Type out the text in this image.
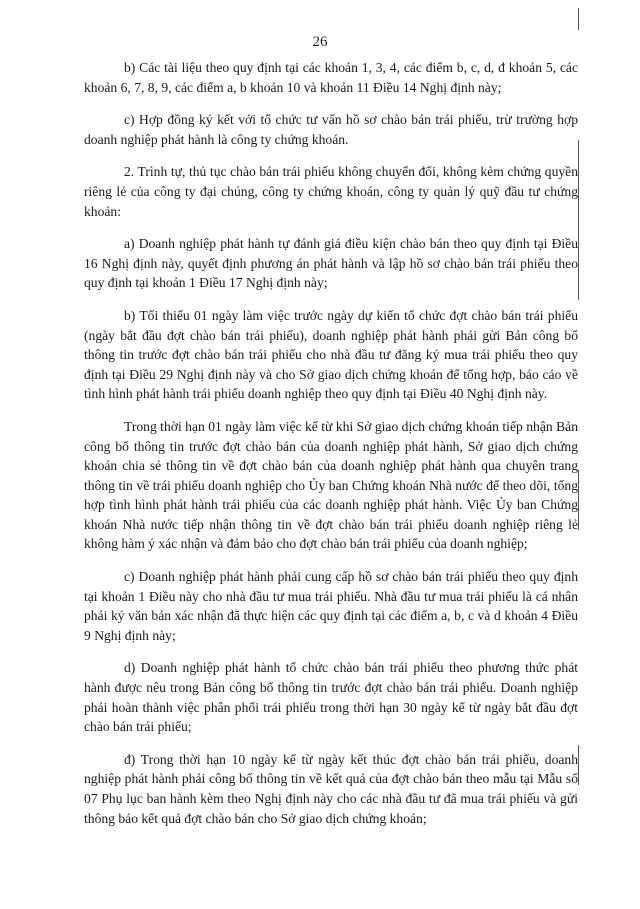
26

b) Các tài liệu theo quy định tại các khoản 1, 3, 4, các điểm b, c, d, đ khoản 5, các khoản 6, 7, 8, 9, các điểm a, b khoản 10 và khoản 11 Điều 14 Nghị định này;

c) Hợp đồng ký kết với tổ chức tư vấn hồ sơ chào bán trái phiếu, trừ trường hợp doanh nghiệp phát hành là công ty chứng khoán.

2. Trình tự, thủ tục chào bán trái phiếu không chuyển đổi, không kèm chứng quyền riêng lẻ của công ty đại chúng, công ty chứng khoán, công ty quản lý quỹ đầu tư chứng khoán:

a) Doanh nghiệp phát hành tự đánh giá điều kiện chào bán theo quy định tại Điều 16 Nghị định này, quyết định phương án phát hành và lập hồ sơ chào bán trái phiếu theo quy định tại khoản 1 Điều 17 Nghị định này;

b) Tối thiểu 01 ngày làm việc trước ngày dự kiến tổ chức đợt chào bán trái phiếu (ngày bắt đầu đợt chào bán trái phiếu), doanh nghiệp phát hành phải gửi Bản công bố thông tin trước đợt chào bán trái phiếu cho nhà đầu tư đăng ký mua trái phiếu theo quy định tại Điều 29 Nghị định này và cho Sở giao dịch chứng khoán để tổng hợp, báo cáo về tình hình phát hành trái phiếu doanh nghiệp theo quy định tại Điều 40 Nghị định này.

Trong thời hạn 01 ngày làm việc kể từ khi Sở giao dịch chứng khoán tiếp nhận Bản công bố thông tin trước đợt chào bán của doanh nghiệp phát hành, Sở giao dịch chứng khoán chia sẻ thông tin về đợt chào bán của doanh nghiệp phát hành qua chuyên trang thông tin về trái phiếu doanh nghiệp cho Ủy ban Chứng khoán Nhà nước để theo dõi, tổng hợp tình hình phát hành trái phiếu của các doanh nghiệp phát hành. Việc Ủy ban Chứng khoán Nhà nước tiếp nhận thông tin về đợt chào bán trái phiếu doanh nghiệp riêng lẻ không hàm ý xác nhận và đảm bảo cho đợt chào bán trái phiếu của doanh nghiệp;

c) Doanh nghiệp phát hành phải cung cấp hồ sơ chào bán trái phiếu theo quy định tại khoản 1 Điều này cho nhà đầu tư mua trái phiếu. Nhà đầu tư mua trái phiếu là cá nhân phải ký văn bản xác nhận đã thực hiện các quy định tại các điểm a, b, c và d khoản 4 Điều 9 Nghị định này;

d) Doanh nghiệp phát hành tổ chức chào bán trái phiếu theo phương thức phát hành được nêu trong Bản công bố thông tin trước đợt chào bán trái phiếu. Doanh nghiệp phải hoàn thành việc phân phối trái phiếu trong thời hạn 30 ngày kể từ ngày bắt đầu đợt chào bán trái phiếu;

đ) Trong thời hạn 10 ngày kể từ ngày kết thúc đợt chào bán trái phiếu, doanh nghiệp phát hành phải công bố thông tin về kết quả của đợt chào bán theo mẫu tại Mẫu số 07 Phụ lục ban hành kèm theo Nghị định này cho các nhà đầu tư đã mua trái phiếu và gửi thông báo kết quả đợt chào bán cho Sở giao dịch chứng khoán;
